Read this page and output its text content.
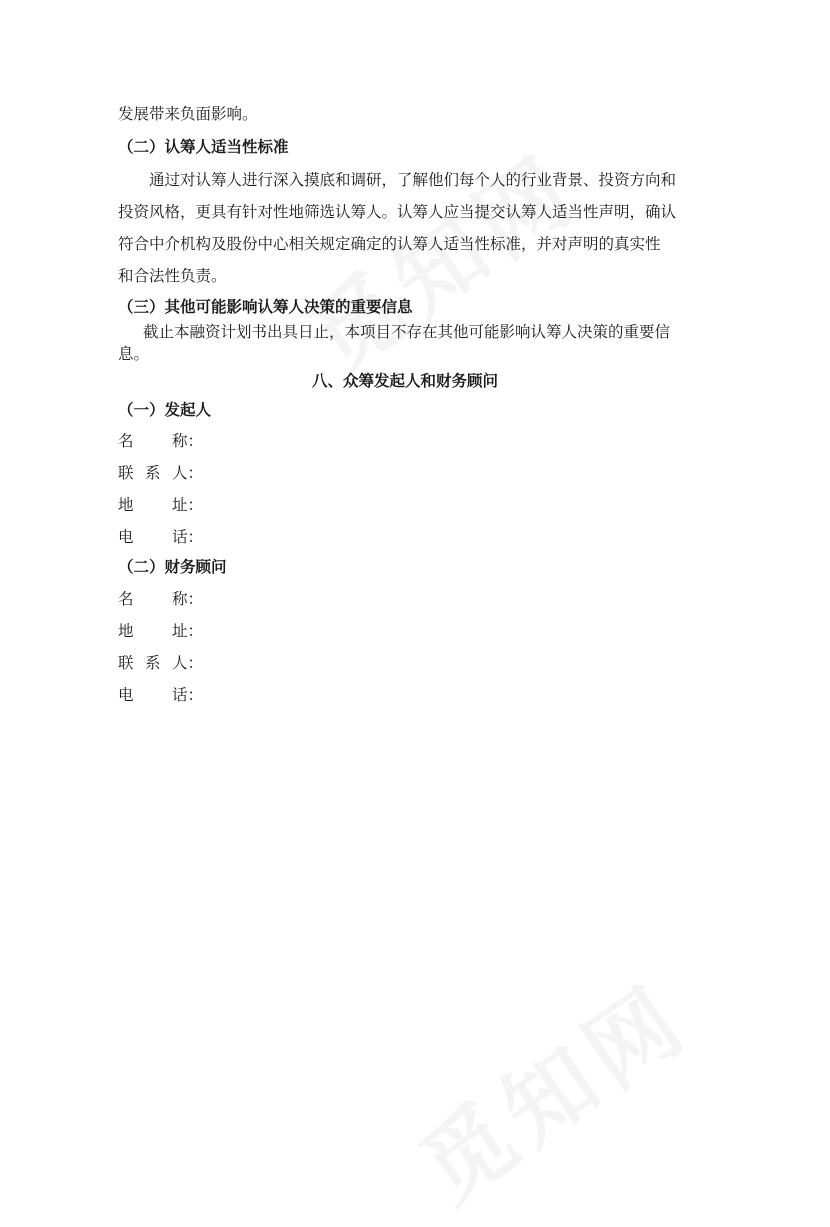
发展带来负面影响。
（二）认筹人适当性标准
通过对认筹人进行深入摸底和调研，了解他们每个人的行业背景、投资方向和
投资风格，更具有针对性地筛选认筹人。认筹人应当提交认筹人适当性声明，确认
符合中介机构及股份中心相关规定确定的认筹人适当性标准，并对声明的真实性
和合法性负责。
（三）其他可能影响认筹人决策的重要信息
截止本融资计划书出具日止，本项目不存在其他可能影响认筹人决策的重要信
息。
八、众筹发起人和财务顾问
（一）发起人
名 称：
联 系 人：
地 址：
电 话：
（二）财务顾问
名 称：
地 址：
联 系 人：
电 话：
